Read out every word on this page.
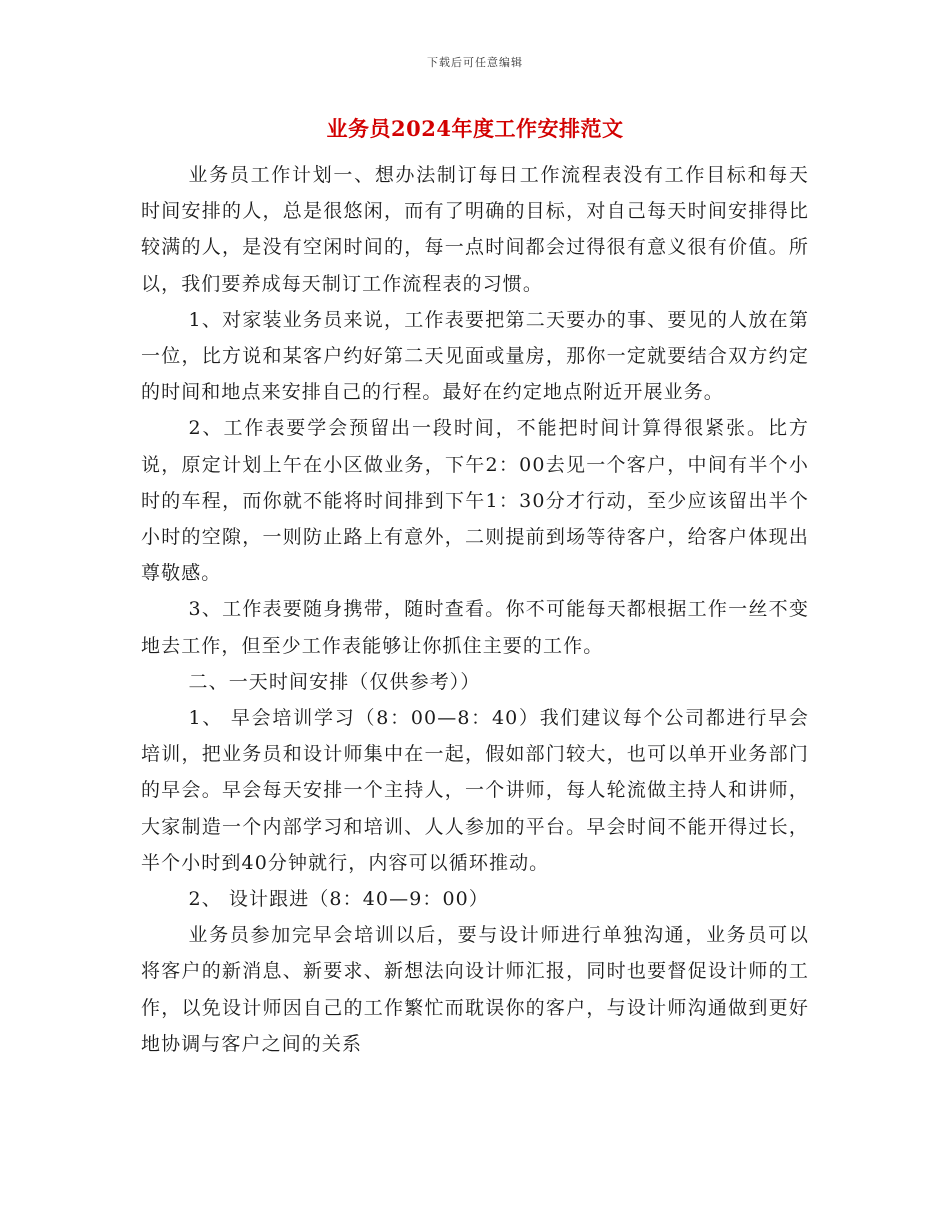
下载后可任意编辑
业务员2024年度工作安排范文

业务员工作计划一、想办法制订每日工作流程表没有工作目标和每天时间安排的人，总是很悠闲，而有了明确的目标，对自己每天时间安排得比较满的人，是没有空闲时间的，每一点时间都会过得很有意义很有价值。所以，我们要养成每天制订工作流程表的习惯。

1、对家装业务员来说，工作表要把第二天要办的事、要见的人放在第一位，比方说和某客户约好第二天见面或量房，那你一定就要结合双方约定的时间和地点来安排自己的行程。最好在约定地点附近开展业务。

2、工作表要学会预留出一段时间，不能把时间计算得很紧张。比方说，原定计划上午在小区做业务，下午2：00去见一个客户，中间有半个小时的车程，而你就不能将时间排到下午1：30分才行动，至少应该留出半个小时的空隙，一则防止路上有意外，二则提前到场等待客户，给客户体现出尊敬感。

3、工作表要随身携带，随时查看。你不可能每天都根据工作一丝不变地去工作，但至少工作表能够让你抓住主要的工作。

二、一天时间安排（仅供参考））

1、 早会培训学习（8：00—8：40）我们建议每个公司都进行早会培训，把业务员和设计师集中在一起，假如部门较大，也可以单开业务部门的早会。早会每天安排一个主持人，一个讲师，每人轮流做主持人和讲师，大家制造一个内部学习和培训、人人参加的平台。早会时间不能开得过长，半个小时到40分钟就行，内容可以循环推动。

2、 设计跟进（8：40—9：00）

业务员参加完早会培训以后，要与设计师进行单独沟通，业务员可以将客户的新消息、新要求、新想法向设计师汇报，同时也要督促设计师的工作，以免设计师因自己的工作繁忙而耽误你的客户，与设计师沟通做到更好地协调与客户之间的关系
